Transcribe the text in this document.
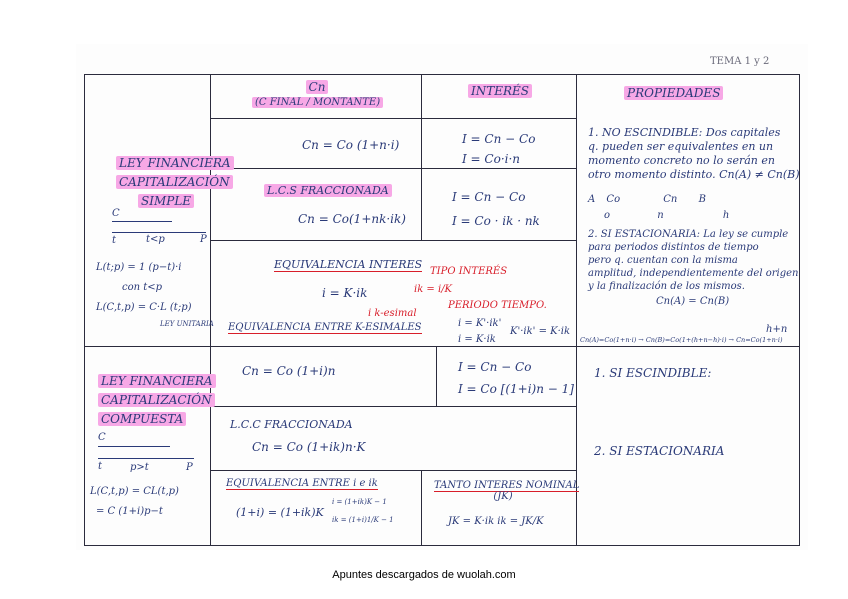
TEMA 1 y 2
Cn
(C FINAL / MONTANTE)
INTERÉS	PROPIEDADES
LEY FINANCIERA
CAPITALIZACIÓN
SIMPLE
C
t	t<p	P
L(t;p) = 1 (p−t)·i
con t<p
L(C,t,p) = C·L (t;p)
LEY UNITARIA
Cn = Co (1+n·i)	I = Cn − Co
I = Co·i·n
L.C.S FRACCIONADA
Cn = Co(1+nk·ik)
I = Cn − Co
I = Co · ik · nk
EQUIVALENCIA INTERES
i = K·ik	ik = i/K
TIPO INTERÉS
PERIODO TIEMPO.
i k-esimal
EQUIVALENCIA ENTRE K-ESIMALES	i = K'·ik'
i = K·ik
K'·ik' = K·ik
1. NO ESCINDIBLE: Dos capitales
q. pueden ser equivalentes en un
momento concreto no lo serán en
otro momento distinto. Cn(A) ≠ Cn(B)
A Co	Cn B
o	n	h
2. SI ESTACIONARIA: La ley se cumple
para periodos distintos de tiempo
pero q. cuentan con la misma
amplitud, independientemente del origen
y la finalización de los mismos.
Cn(A) = Cn(B)
h+n
Cn(A)=Co(1+n·i) → Cn(B)=Co(1+(h+n−h)·i) → Cn=Co(1+n·i)
LEY FINANCIERA
CAPITALIZACIÓN
COMPUESTA
C
t	p>t	P
L(C,t,p) = CL(t,p)
= C (1+i)p−t
Cn = Co (1+i)n	I = Cn − Co
I = Co [(1+i)n − 1]
L.C.C FRACCIONADA
Cn = Co (1+ik)n·K
EQUIVALENCIA ENTRE i e ik
(1+i) = (1+ik)K
i = (1+ik)K − 1
ik = (1+i)1/K − 1
TANTO INTERES NOMINAL
(JK)
JK = K·ik ik = JK/K
1. SI ESCINDIBLE:
2. SI ESTACIONARIA
Apuntes descargados de wuolah.com
